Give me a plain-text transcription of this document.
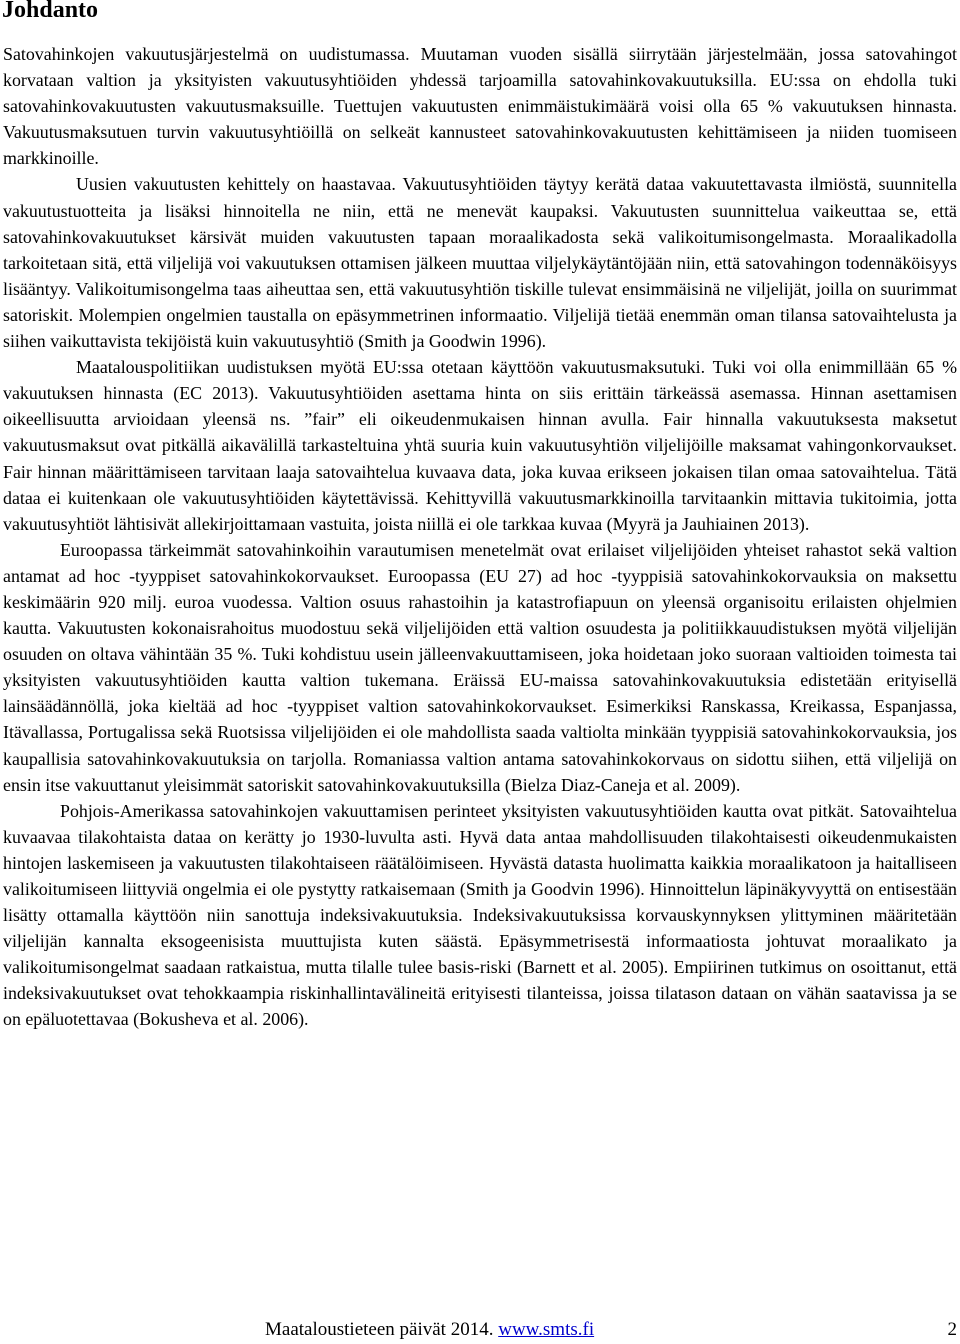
Johdanto

Satovahinkojen vakuutusjärjestelmä on uudistumassa. Muutaman vuoden sisällä siirrytään järjestelmään, jossa satovahingot korvataan valtion ja yksityisten vakuutusyhtiöiden yhdessä tarjoamilla satovahinkovakuutuksilla. EU:ssa on ehdolla tuki satovahinkovakuutusten vakuutusmaksuille. Tuettujen vakuutusten enimmäistukimäärä voisi olla 65 % vakuutuksen hinnasta. Vakuutusmaksutuen turvin vakuutusyhtiöillä on selkeät kannusteet satovahinkovakuutusten kehittämiseen ja niiden tuomiseen markkinoille.

Uusien vakuutusten kehittely on haastavaa. Vakuutusyhtiöiden täytyy kerätä dataa vakuutettavasta ilmiöstä, suunnitella vakuutustuotteita ja lisäksi hinnoitella ne niin, että ne menevät kaupaksi. Vakuutusten suunnittelua vaikeuttaa se, että satovahinkovakuutukset kärsivät muiden vakuutusten tapaan moraalikadosta sekä valikoitumisongelmasta. Moraalikadolla tarkoitetaan sitä, että viljelijä voi vakuutuksen ottamisen jälkeen muuttaa viljelykäytäntöjään niin, että satovahingon todennäköisyys lisääntyy. Valikoitumisongelma taas aiheuttaa sen, että vakuutusyhtiön tiskille tulevat ensimmäisinä ne viljelijät, joilla on suurimmat satoriskit. Molempien ongelmien taustalla on epäsymmetrinen informaatio. Viljelijä tietää enemmän oman tilansa satovaihtelusta ja siihen vaikuttavista tekijöistä kuin vakuutusyhtiö (Smith ja Goodwin 1996).

Maatalouspolitiikan uudistuksen myötä EU:ssa otetaan käyttöön vakuutusmaksutuki. Tuki voi olla enimmillään 65 % vakuutuksen hinnasta (EC 2013). Vakuutusyhtiöiden asettama hinta on siis erittäin tärkeässä asemassa. Hinnan asettamisen oikeellisuutta arvioidaan yleensä ns. ”fair” eli oikeudenmukaisen hinnan avulla. Fair hinnalla vakuutuksesta maksetut vakuutusmaksut ovat pitkällä aikavälillä tarkasteltuina yhtä suuria kuin vakuutusyhtiön viljelijöille maksamat vahingonkorvaukset. Fair hinnan määrittämiseen tarvitaan laaja satovaihtelua kuvaava data, joka kuvaa erikseen jokaisen tilan omaa satovaihtelua. Tätä dataa ei kuitenkaan ole vakuutusyhtiöiden käytettävissä. Kehittyvillä vakuutusmarkkinoilla tarvitaankin mittavia tukitoimia, jotta vakuutusyhtiöt lähtisivät allekirjoittamaan vastuita, joista niillä ei ole tarkkaa kuvaa (Myyrä ja Jauhiainen 2013).

Euroopassa tärkeimmät satovahinkoihin varautumisen menetelmät ovat erilaiset viljelijöiden yhteiset rahastot sekä valtion antamat ad hoc -tyyppiset satovahinkokorvaukset. Euroopassa (EU 27) ad hoc -tyyppisiä satovahinkokorvauksia on maksettu keskimäärin 920 milj. euroa vuodessa. Valtion osuus rahastoihin ja katastrofiapuun on yleensä organisoitu erilaisten ohjelmien kautta. Vakuutusten kokonaisrahoitus muodostuu sekä viljelijöiden että valtion osuudesta ja politiikkauudistuksen myötä viljelijän osuuden on oltava vähintään 35 %. Tuki kohdistuu usein jälleenvakuuttamiseen, joka hoidetaan joko suoraan valtioiden toimesta tai yksityisten vakuutusyhtiöiden kautta valtion tukemana. Eräissä EU-maissa satovahinkovakuutuksia edistetään erityisellä lainsäädännöllä, joka kieltää ad hoc -tyyppiset valtion satovahinkokorvaukset. Esimerkiksi Ranskassa, Kreikassa, Espanjassa, Itävallassa, Portugalissa sekä Ruotsissa viljelijöiden ei ole mahdollista saada valtiolta minkään tyyppisiä satovahinkokorvauksia, jos kaupallisia satovahinkovakuutuksia on tarjolla. Romaniassa valtion antama satovahinkokorvaus on sidottu siihen, että viljelijä on ensin itse vakuuttanut yleisimmät satoriskit satovahinkovakuutuksilla (Bielza Diaz-Caneja et al. 2009).

Pohjois-Amerikassa satovahinkojen vakuuttamisen perinteet yksityisten vakuutusyhtiöiden kautta ovat pitkät. Satovaihtelua kuvaavaa tilakohtaista dataa on kerätty jo 1930-luvulta asti. Hyvä data antaa mahdollisuuden tilakohtaisesti oikeudenmukaisten hintojen laskemiseen ja vakuutusten tilakohtaiseen räätälöimiseen. Hyvästä datasta huolimatta kaikkia moraalikatoon ja haitalliseen valikoitumiseen liittyviä ongelmia ei ole pystytty ratkaisemaan (Smith ja Goodvin 1996). Hinnoittelun läpinäkyvyyttä on entisestään lisätty ottamalla käyttöön niin sanottuja indeksivakuutuksia. Indeksivakuutuksissa korvauskynnyksen ylittyminen määritetään viljelijän kannalta eksogeenisista muuttujista kuten säästä. Epäsymmetrisestä informaatiosta johtuvat moraalikato ja valikoitumisongelmat saadaan ratkaistua, mutta tilalle tulee basis-riski (Barnett et al. 2005). Empiirinen tutkimus on osoittanut, että indeksivakuutukset ovat tehokkaampia riskinhallintavälineitä erityisesti tilanteissa, joissa tilatason dataan on vähän saatavissa ja se on epäluotettavaa (Bokusheva et al. 2006).

Maataloustieteen päivät 2014. www.smts.fi	2
